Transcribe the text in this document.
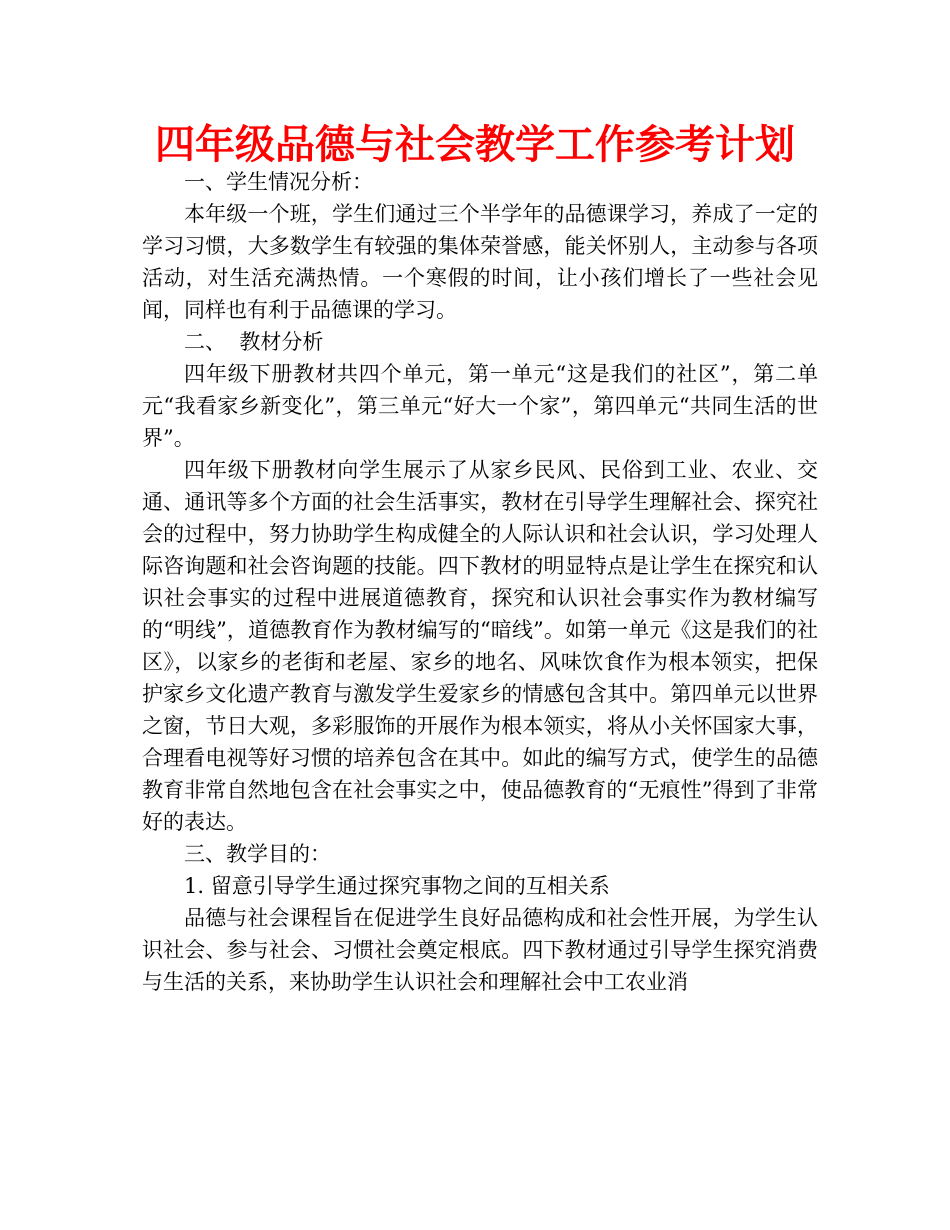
四年级品德与社会教学工作参考计划

一、学生情况分析：

本年级一个班，学生们通过三个半学年的品德课学习，养成了一定的学习习惯，大多数学生有较强的集体荣誉感，能关怀别人，主动参与各项活动，对生活充满热情。一个寒假的时间，让小孩们增长了一些社会见闻，同样也有利于品德课的学习。

二、  教材分析

四年级下册教材共四个单元，第一单元“这是我们的社区”，第二单元“我看家乡新变化”，第三单元“好大一个家”，第四单元“共同生活的世界”。

四年级下册教材向学生展示了从家乡民风、民俗到工业、农业、交通、通讯等多个方面的社会生活事实，教材在引导学生理解社会、探究社会的过程中，努力协助学生构成健全的人际认识和社会认识，学习处理人际咨询题和社会咨询题的技能。四下教材的明显特点是让学生在探究和认识社会事实的过程中进展道德教育，探究和认识社会事实作为教材编写的“明线”，道德教育作为教材编写的“暗线”。如第一单元《这是我们的社区》，以家乡的老街和老屋、家乡的地名、风味饮食作为根本领实，把保护家乡文化遗产教育与激发学生爱家乡的情感包含其中。第四单元以世界之窗，节日大观，多彩服饰的开展作为根本领实，将从小关怀国家大事，合理看电视等好习惯的培养包含在其中。如此的编写方式，使学生的品德教育非常自然地包含在社会事实之中，使品德教育的“无痕性”得到了非常好的表达。

三、教学目的：

1. 留意引导学生通过探究事物之间的互相关系

品德与社会课程旨在促进学生良好品德构成和社会性开展，为学生认识社会、参与社会、习惯社会奠定根底。四下教材通过引导学生探究消费与生活的关系，来协助学生认识社会和理解社会中工农业消
